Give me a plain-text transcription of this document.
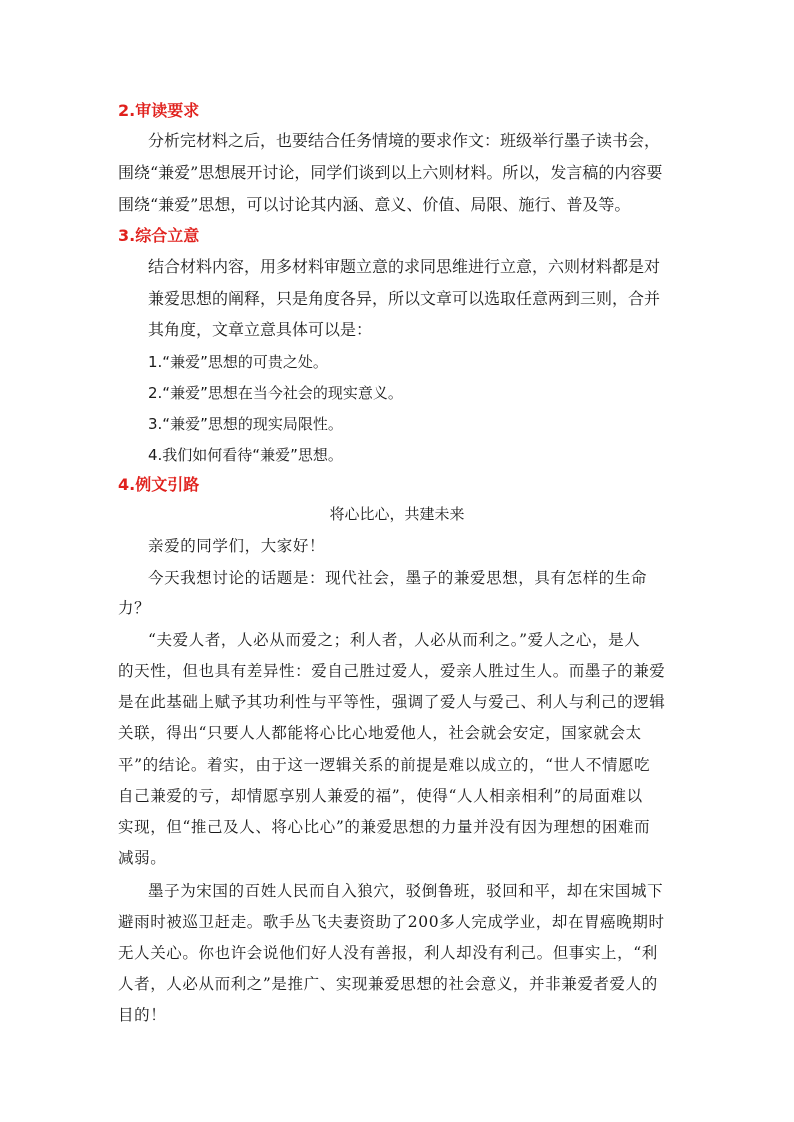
2.审读要求
分析完材料之后，也要结合任务情境的要求作文：班级举行墨子读书会，
围绕“兼爱”思想展开讨论，同学们谈到以上六则材料。所以，发言稿的内容要
围绕“兼爱”思想，可以讨论其内涵、意义、价值、局限、施行、普及等。
3.综合立意
结合材料内容，用多材料审题立意的求同思维进行立意，六则材料都是对
兼爱思想的阐释，只是角度各异，所以文章可以选取任意两到三则，合并
其角度，文章立意具体可以是：
1.“兼爱”思想的可贵之处。
2.“兼爱”思想在当今社会的现实意义。
3.“兼爱”思想的现实局限性。
4.我们如何看待“兼爱”思想。
4.例文引路
将心比心，共建未来
亲爱的同学们，大家好！
今天我想讨论的话题是：现代社会，墨子的兼爱思想，具有怎样的生命
力？
“夫爱人者，人必从而爱之；利人者，人必从而利之。”爱人之心，是人
的天性，但也具有差异性：爱自己胜过爱人，爱亲人胜过生人。而墨子的兼爱
是在此基础上赋予其功利性与平等性，强调了爱人与爱己、利人与利己的逻辑
关联，得出“只要人人都能将心比心地爱他人，社会就会安定，国家就会太
平”的结论。着实，由于这一逻辑关系的前提是难以成立的，“世人不情愿吃
自己兼爱的亏，却情愿享别人兼爱的福”，使得“人人相亲相利”的局面难以
实现，但“推己及人、将心比心”的兼爱思想的力量并没有因为理想的困难而
减弱。
墨子为宋国的百姓人民而自入狼穴，驳倒鲁班，驳回和平，却在宋国城下
避雨时被巡卫赶走。歌手丛飞夫妻资助了200多人完成学业，却在胃癌晚期时
无人关心。你也许会说他们好人没有善报，利人却没有利己。但事实上，“利
人者，人必从而利之”是推广、实现兼爱思想的社会意义，并非兼爱者爱人的
目的！
